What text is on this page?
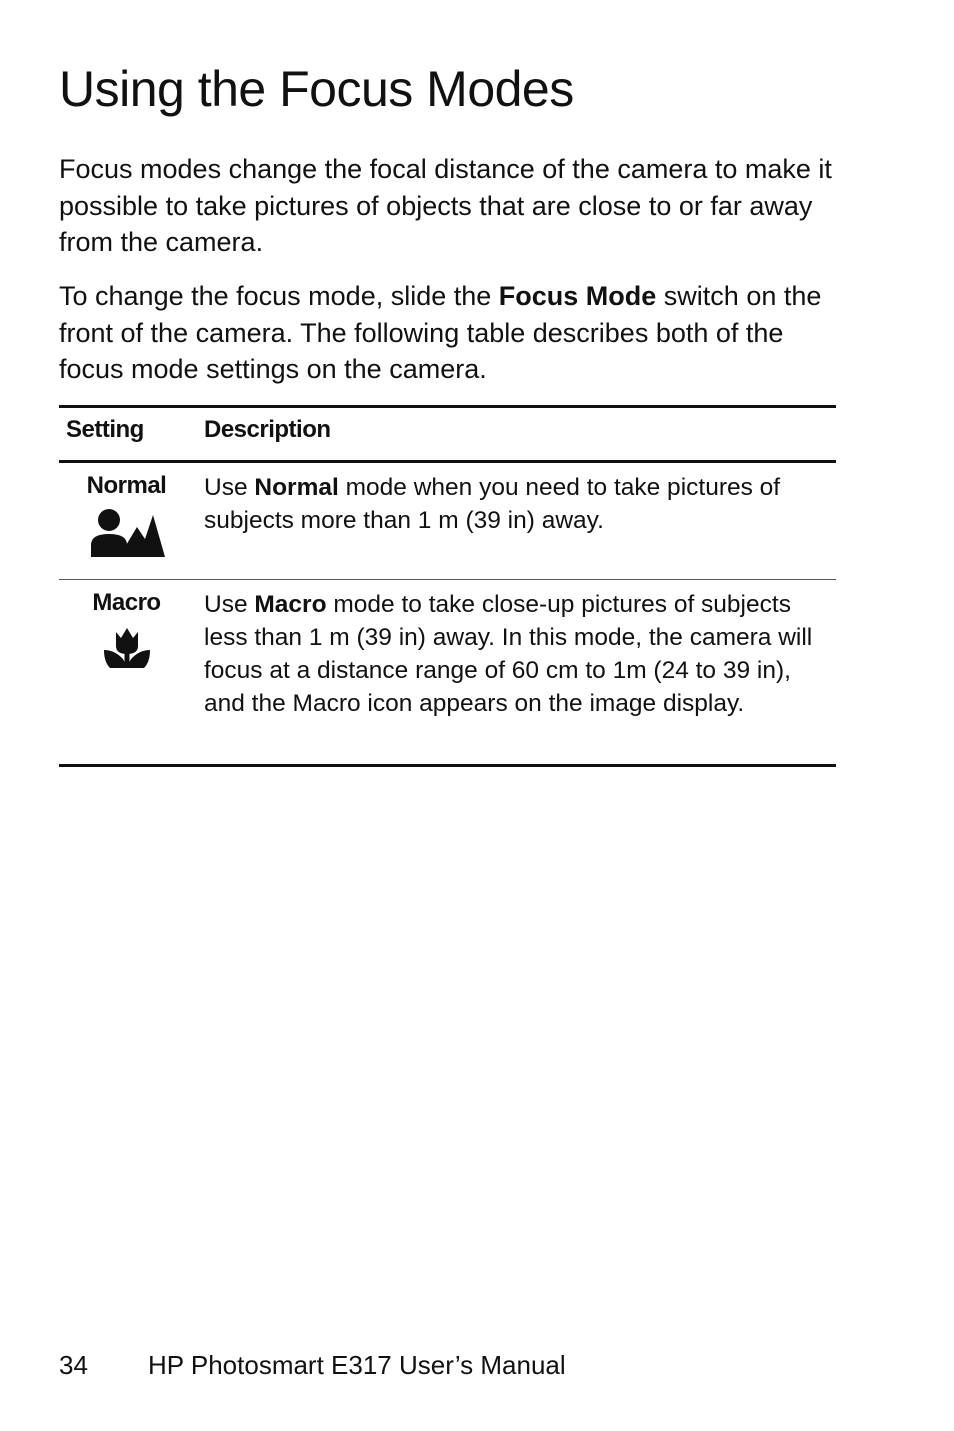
Using the Focus Modes

Focus modes change the focal distance of the camera to make it possible to take pictures of objects that are close to or far away from the camera.

To change the focus mode, slide the Focus Mode switch on the front of the camera. The following table describes both of the focus mode settings on the camera.

Setting	Description
Normal	Use Normal mode when you need to take pictures of subjects more than 1 m (39 in) away.
Macro	Use Macro mode to take close-up pictures of subjects less than 1 m (39 in) away. In this mode, the camera will focus at a distance range of 60 cm to 1m (24 to 39 in), and the Macro icon appears on the image display.
34 HP Photosmart E317 User’s Manual
